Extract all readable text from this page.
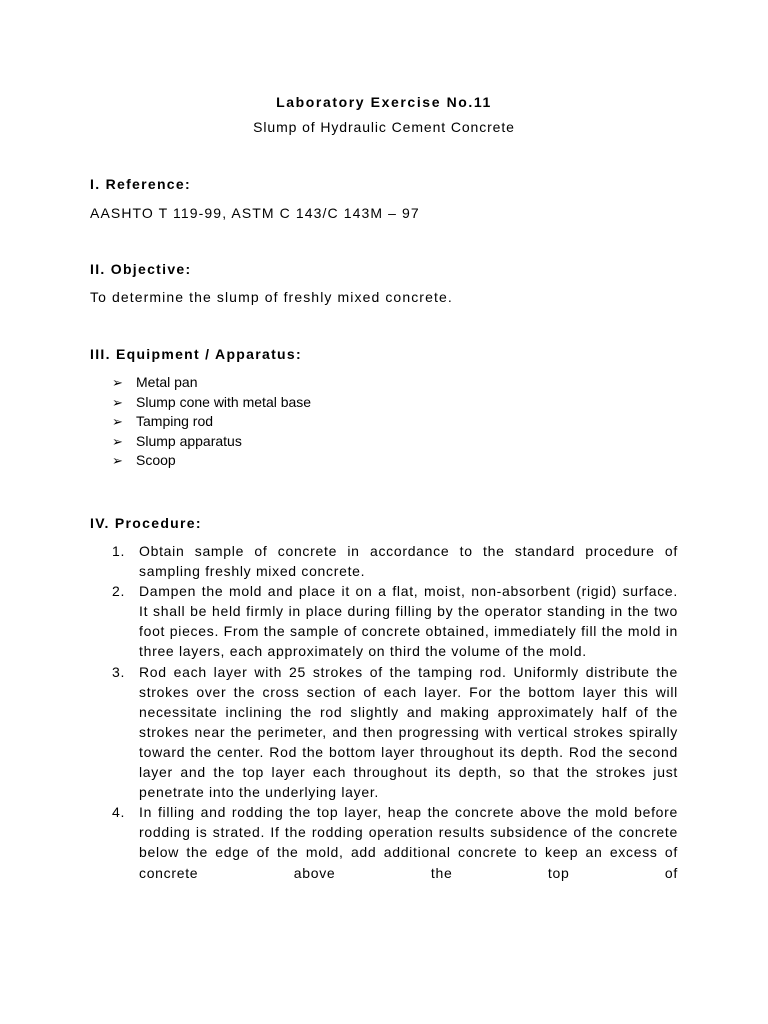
Laboratory Exercise No.11

Slump of Hydraulic Cement Concrete

I. Reference:

AASHTO T 119-99, ASTM C 143/C 143M – 97

II. Objective:

To determine the slump of freshly mixed concrete.

III. Equipment / Apparatus:

➢ Metal pan
➢ Slump cone with metal base
➢ Tamping rod
➢ Slump apparatus
➢ Scoop

IV. Procedure:

1. Obtain sample of concrete in accordance to the standard procedure of sampling freshly mixed concrete.
2. Dampen the mold and place it on a flat, moist, non-absorbent (rigid) surface. It shall be held firmly in place during filling by the operator standing in the two foot pieces. From the sample of concrete obtained, immediately fill the mold in three layers, each approximately on third the volume of the mold.
3. Rod each layer with 25 strokes of the tamping rod. Uniformly distribute the strokes over the cross section of each layer. For the bottom layer this will necessitate inclining the rod slightly and making approximately half of the strokes near the perimeter, and then progressing with vertical strokes spirally toward the center. Rod the bottom layer throughout its depth. Rod the second layer and the top layer each throughout its depth, so that the strokes just penetrate into the underlying layer.
4. In filling and rodding the top layer, heap the concrete above the mold before rodding is strated. If the rodding operation results subsidence of the concrete below the edge of the mold, add additional concrete to keep an excess of concrete above the top of
